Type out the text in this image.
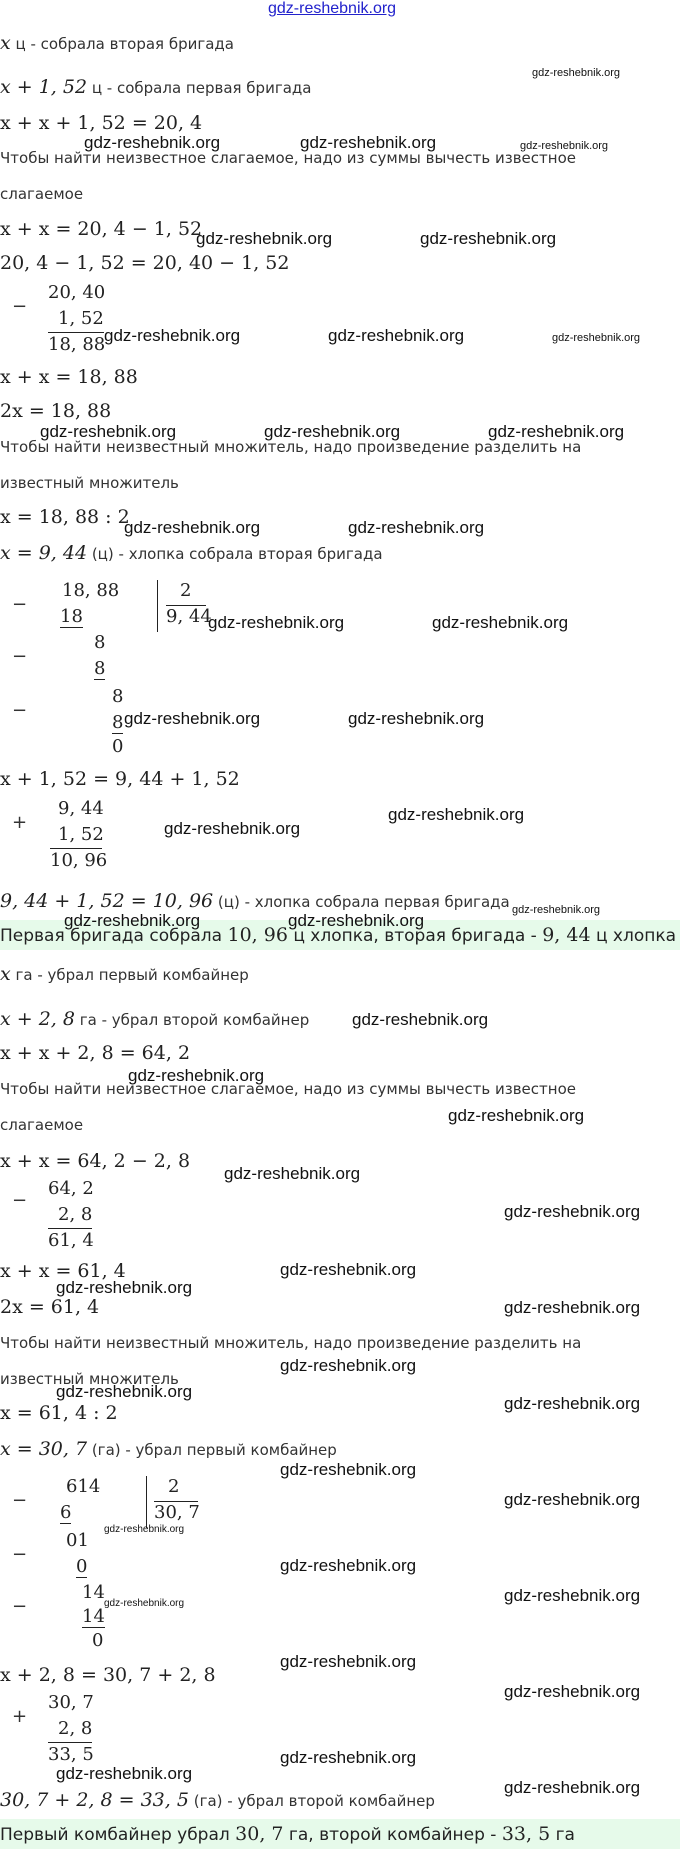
gdz-reshebnik.org
x ц - собрала вторая бригада
x + 1, 52 ц - собрала первая бригада
x + x + 1, 52 = 20, 4
Чтобы найти неизвестное слагаемое, надо из суммы вычесть известное
слагаемое
x + x = 20, 4 − 1, 52
20, 4 − 1, 52 = 20, 40 − 1, 52
−
20, 40
1, 52
18, 88
x + x = 18, 88
2x = 18, 88
Чтобы найти неизвестный множитель, надо произведение разделить на
известный множитель
x = 18, 88 : 2
x = 9, 44 (ц) - хлопка собрала вторая бригада
−
18, 88
18
2
9, 44
−
8
8
−
8
8
0
x + 1, 52 = 9, 44 + 1, 52
+
9, 44
1, 52
10, 96
9, 44 + 1, 52 = 10, 96 (ц) - хлопка собрала первая бригада
Первая бригада собрала 10, 96 ц хлопка, вторая бригада - 9, 44 ц хлопка
x га - убрал первый комбайнер
x + 2, 8 га - убрал второй комбайнер
x + x + 2, 8 = 64, 2
Чтобы найти неизвестное слагаемое, надо из суммы вычесть известное
слагаемое
x + x = 64, 2 − 2, 8
−
64, 2
2, 8
61, 4
x + x = 61, 4
2x = 61, 4
Чтобы найти неизвестный множитель, надо произведение разделить на
известный множитель
x = 61, 4 : 2
x = 30, 7 (га) - убрал первый комбайнер
−
614
6
2
30, 7
−
01
0
−
14
14
0
x + 2, 8 = 30, 7 + 2, 8
+
30, 7
2, 8
33, 5
30, 7 + 2, 8 = 33, 5 (га) - убрал второй комбайнер
Первый комбайнер убрал 30, 7 га, второй комбайнер - 33, 5 га
gdz-reshebnik.org
gdz-reshebnik.org	gdz-reshebnik.org	gdz-reshebnik.org
gdz-reshebnik.org	gdz-reshebnik.org
gdz-reshebnik.org	gdz-reshebnik.org	gdz-reshebnik.org
gdz-reshebnik.org	gdz-reshebnik.org	gdz-reshebnik.org
gdz-reshebnik.org	gdz-reshebnik.org
gdz-reshebnik.org	gdz-reshebnik.org
gdz-reshebnik.org	gdz-reshebnik.org
gdz-reshebnik.org
gdz-reshebnik.org
gdz-reshebnik.org
gdz-reshebnik.org	gdz-reshebnik.org
gdz-reshebnik.org
gdz-reshebnik.org
gdz-reshebnik.org
gdz-reshebnik.org
gdz-reshebnik.org
gdz-reshebnik.org
gdz-reshebnik.org
gdz-reshebnik.org
gdz-reshebnik.org
gdz-reshebnik.org
gdz-reshebnik.org
gdz-reshebnik.org
gdz-reshebnik.org
gdz-reshebnik.org
gdz-reshebnik.org
gdz-reshebnik.org
gdz-reshebnik.org
gdz-reshebnik.org
gdz-reshebnik.org
gdz-reshebnik.org
gdz-reshebnik.org
gdz-reshebnik.org
